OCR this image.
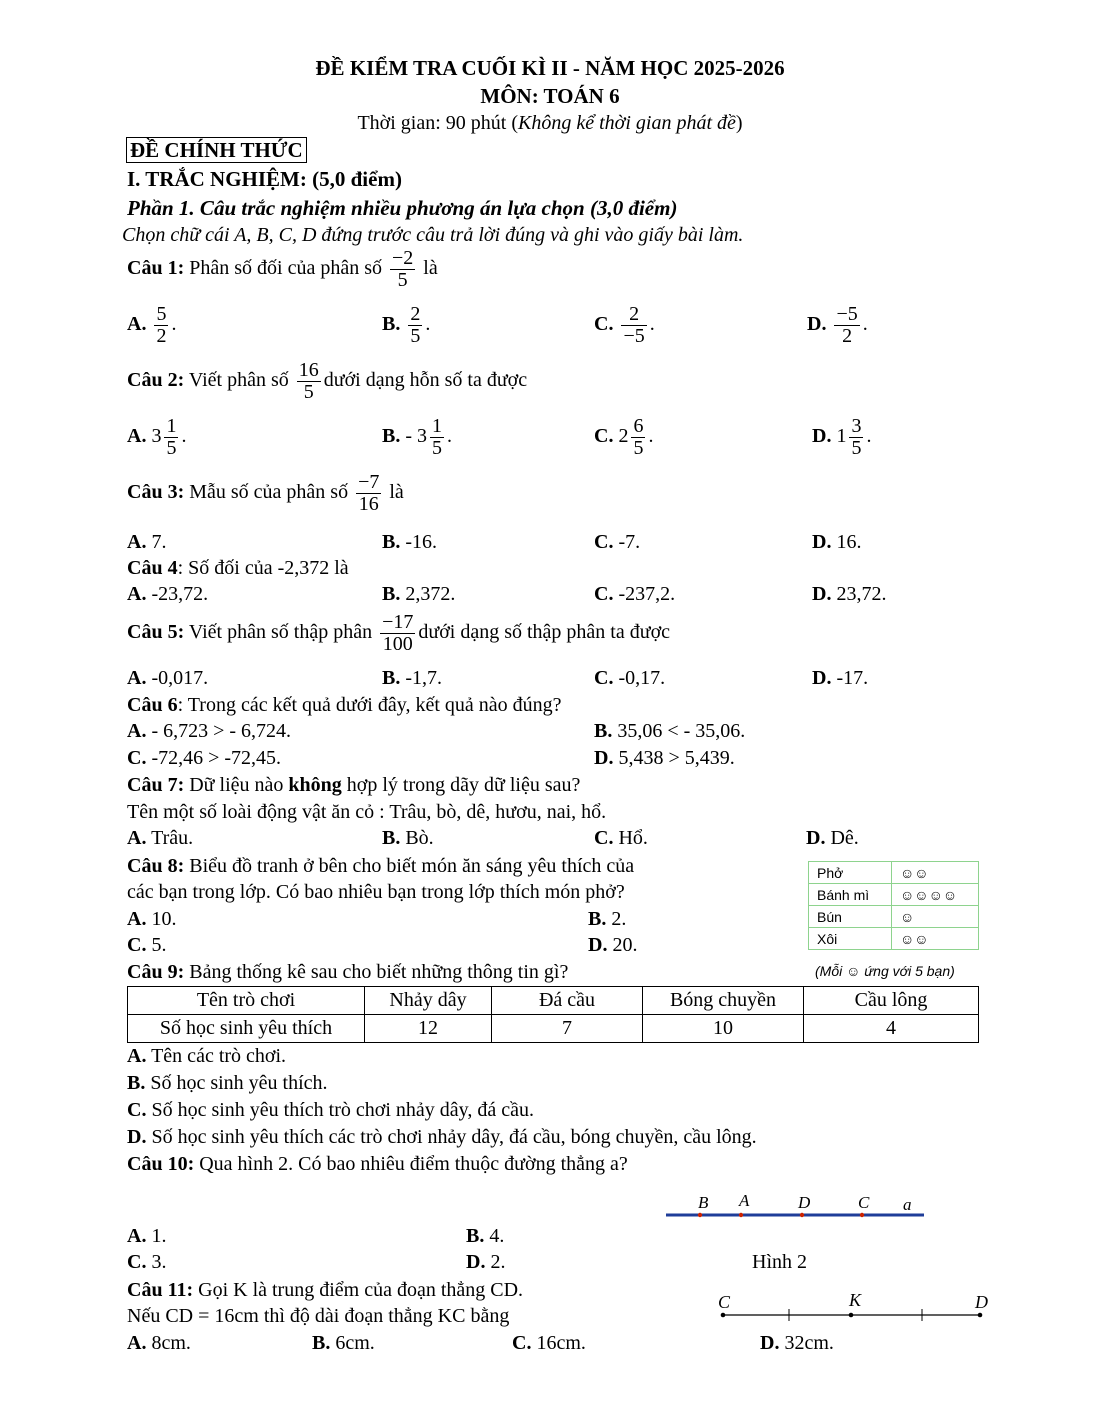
ĐỀ KIỂM TRA CUỐI KÌ II - NĂM HỌC 2025-2026
MÔN: TOÁN 6
Thời gian: 90 phút (Không kể thời gian phát đề)
ĐỀ CHÍNH THỨC
I. TRẮC NGHIỆM: (5,0 điểm)
Phần 1. Câu trắc nghiệm nhiều phương án lựa chọn (3,0 điểm)
Chọn chữ cái A, B, C, D đứng trước câu trả lời đúng và ghi vào giấy bài làm.
Câu 1: Phân số đối của phân số $\frac{-2}{5}$ là
A. $\frac{5}{2}$ .	B. $\frac{2}{5}$ .	C. $\frac{2}{-5}$ .	D. $\frac{-5}{2}$ .
Câu 2: Viết phân số $\frac{16}{5}$ dưới dạng hỗn số ta được
A. $3 \frac{1}{5}$ .	B. - $3 \frac{1}{5}$ .	C. $2 \frac{6}{5}$ .	D. $1 \frac{3}{5}$ .
Câu 3: Mẫu số của phân số $\frac{-7}{16}$ là
A. 7.	B. -16.	C. -7.	D. 16.
Câu 4: Số đối của -2,372 là
A. -23,72.	B. 2,372.	C. -237,2.	D. 23,72.
Câu 5: Viết phân số thập phân $\frac{-17}{100}$ dưới dạng số thập phân ta được
A. -0,017.	B. -1,7.	C. -0,17.	D. -17.
Câu 6: Trong các kết quả dưới đây, kết quả nào đúng?
A. - 6,723 > - 6,724.	B. 35,06 < - 35,06.
C. -72,46 > -72,45.	D. 5,438 > 5,439.
Câu 7: Dữ liệu nào không hợp lý trong dãy dữ liệu sau?
Tên một số loài động vật ăn cỏ : Trâu, bò, dê, hươu, nai, hổ.
A. Trâu.	B. Bò.	C. Hổ.	D. Dê.
Câu 8: Biểu đồ tranh ở bên cho biết món ăn sáng yêu thích của
các bạn trong lớp. Có bao nhiêu bạn trong lớp thích món phở?
A. 10.	B. 2.
C. 5.	D. 20.
Phở	☺☺
Bánh mì	☺☺☺☺
Bún	☺
Xôi	☺☺
(Mỗi ☺ ứng với 5 bạn)
Câu 9: Bảng thống kê sau cho biết những thông tin gì?
Tên trò chơi	Nhảy dây	Đá cầu	Bóng chuyền	Cầu lông
Số học sinh yêu thích	12	7	10	4
A. Tên các trò chơi.
B. Số học sinh yêu thích.
C. Số học sinh yêu thích trò chơi nhảy dây, đá cầu.
D. Số học sinh yêu thích các trò chơi nhảy dây, đá cầu, bóng chuyền, cầu lông.
Câu 10: Qua hình 2. Có bao nhiêu điểm thuộc đường thẳng a?
B A	D	C a
A. 1.	B. 4.
C. 3.	D. 2.	Hình 2
Câu 11: Gọi K là trung điểm của đoạn thẳng CD.
Nếu CD = 16cm thì độ dài đoạn thẳng KC bằng
C	K	D
A. 8cm.	B. 6cm.	C. 16cm.	D. 32cm.
